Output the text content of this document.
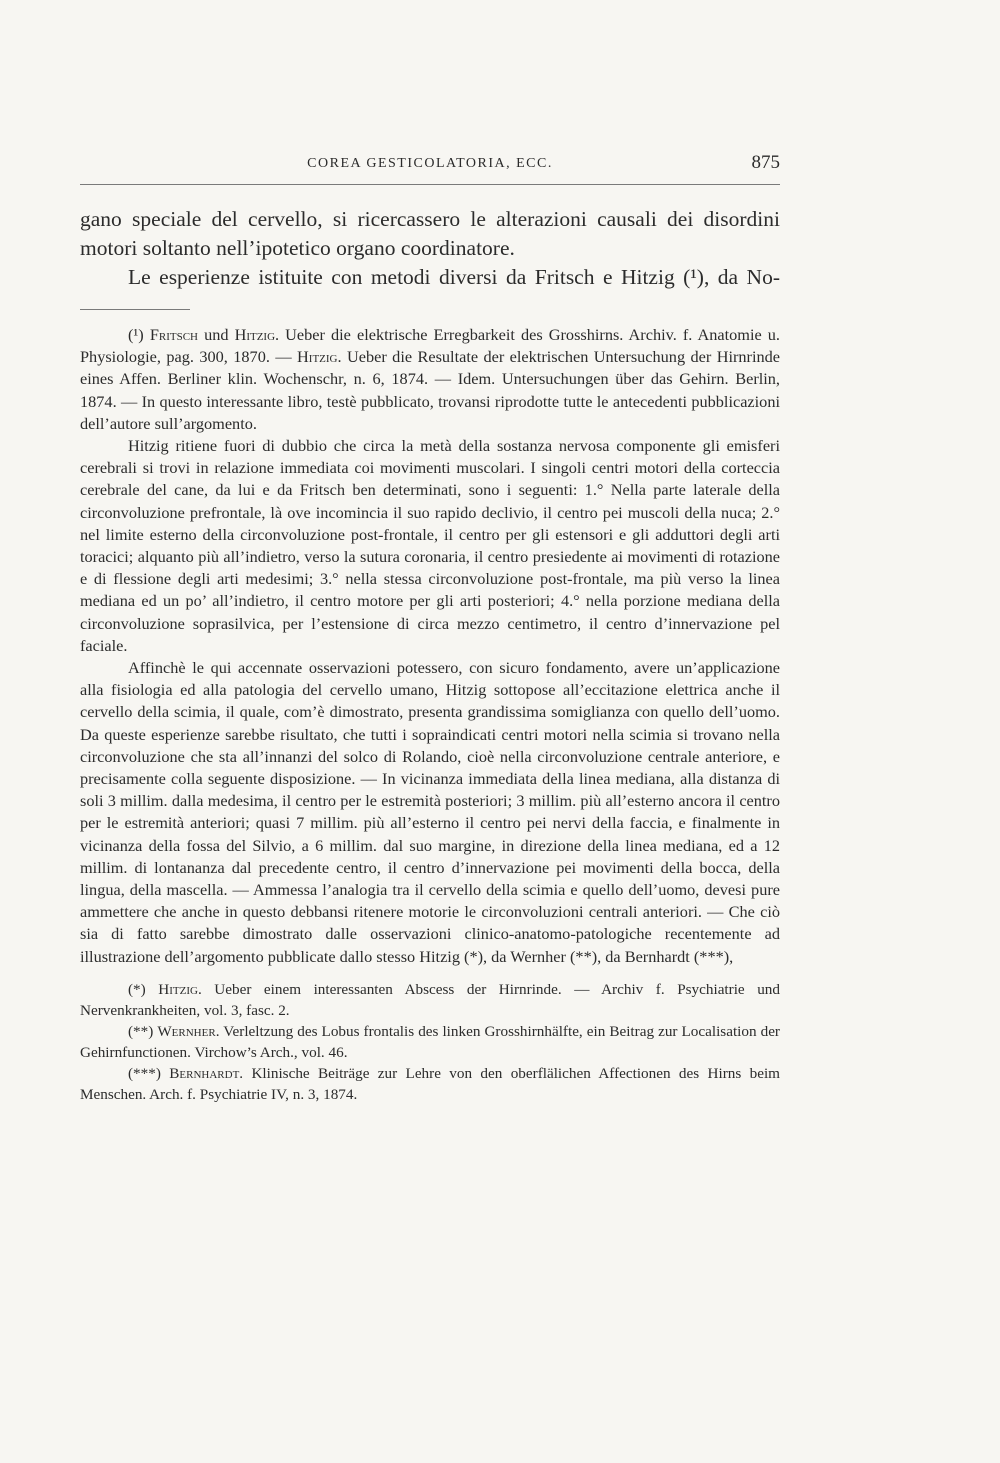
COREA GESTICOLATORIA, ECC.	875

gano speciale del cervello, si ricercassero le alterazioni causali dei disordini motori soltanto nell’ipotetico organo coordinatore.

Le esperienze istituite con metodi diversi da Fritsch e Hitzig (¹), da No-

(¹) Fritsch und Hitzig. Ueber die elektrische Erregbarkeit des Grosshirns. Archiv. f. Anatomie u. Physiologie, pag. 300, 1870. — Hitzig. Ueber die Resultate der elektrischen Untersuchung der Hirnrinde eines Affen. Berliner klin. Wochenschr, n. 6, 1874. — Idem. Untersuchungen über das Gehirn. Berlin, 1874. — In questo interessante libro, testè pubblicato, trovansi riprodotte tutte le antecedenti pubblicazioni dell’autore sull’argomento.

Hitzig ritiene fuori di dubbio che circa la metà della sostanza nervosa componente gli emisferi cerebrali si trovi in relazione immediata coi movimenti muscolari. I singoli centri motori della corteccia cerebrale del cane, da lui e da Fritsch ben determinati, sono i seguenti: 1.° Nella parte laterale della circonvoluzione prefrontale, là ove incomincia il suo rapido declivio, il centro pei muscoli della nuca; 2.° nel limite esterno della circonvoluzione post-frontale, il centro per gli estensori e gli adduttori degli arti toracici; alquanto più all’indietro, verso la sutura coronaria, il centro presiedente ai movimenti di rotazione e di flessione degli arti medesimi; 3.° nella stessa circonvoluzione post-frontale, ma più verso la linea mediana ed un po’ all’indietro, il centro motore per gli arti posteriori; 4.° nella porzione mediana della circonvoluzione soprasilvica, per l’estensione di circa mezzo centimetro, il centro d’innervazione pel faciale.

Affinchè le qui accennate osservazioni potessero, con sicuro fondamento, avere un’applicazione alla fisiologia ed alla patologia del cervello umano, Hitzig sottopose all’eccitazione elettrica anche il cervello della scimia, il quale, com’è dimostrato, presenta grandissima somiglianza con quello dell’uomo. Da queste esperienze sarebbe risultato, che tutti i sopraindicati centri motori nella scimia si trovano nella circonvoluzione che sta all’innanzi del solco di Rolando, cioè nella circonvoluzione centrale anteriore, e precisamente colla seguente disposizione. — In vicinanza immediata della linea mediana, alla distanza di soli 3 millim. dalla medesima, il centro per le estremità posteriori; 3 millim. più all’esterno ancora il centro per le estremità anteriori; quasi 7 millim. più all’esterno il centro pei nervi della faccia, e finalmente in vicinanza della fossa del Silvio, a 6 millim. dal suo margine, in direzione della linea mediana, ed a 12 millim. di lontananza dal precedente centro, il centro d’innervazione pei movimenti della bocca, della lingua, della mascella. — Ammessa l’analogia tra il cervello della scimia e quello dell’uomo, devesi pure ammettere che anche in questo debbansi ritenere motorie le circonvoluzioni centrali anteriori. — Che ciò sia di fatto sarebbe dimostrato dalle osservazioni clinico-anatomo-patologiche recentemente ad illustrazione dell’argomento pubblicate dallo stesso Hitzig (*), da Wernher (**), da Bernhardt (***),

(*) Hitzig. Ueber einem interessanten Abscess der Hirnrinde. — Archiv f. Psychiatrie und Nervenkrankheiten, vol. 3, fasc. 2.

(**) Wernher. Verleltzung des Lobus frontalis des linken Grosshirnhälfte, ein Beitrag zur Localisation der Gehirnfunctionen. Virchow’s Arch., vol. 46.

(***) Bernhardt. Klinische Beiträge zur Lehre von den oberflälichen Affectionen des Hirns beim Menschen. Arch. f. Psychiatrie IV, n. 3, 1874.
